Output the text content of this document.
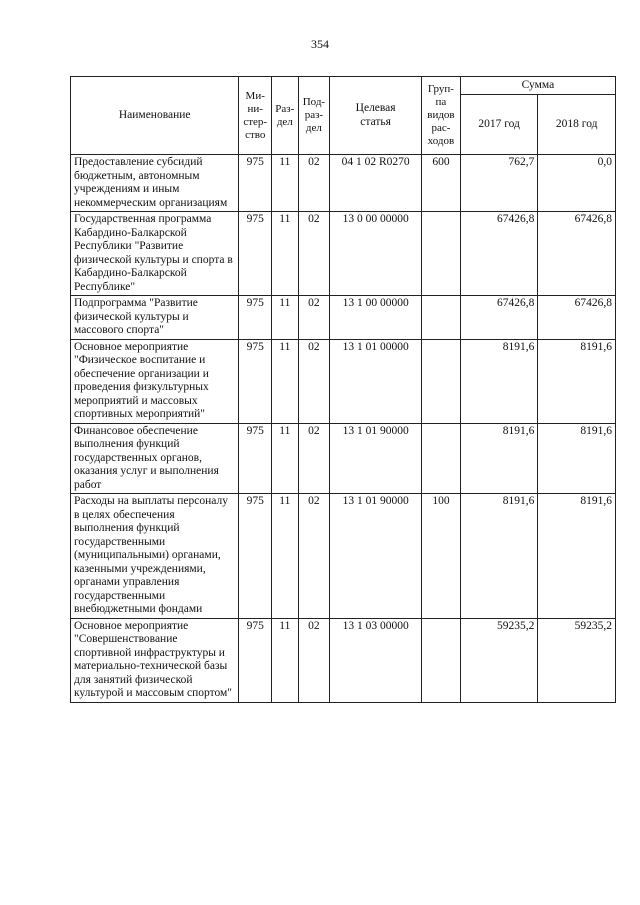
354
Наименование	Ми-
ни-
стер-
ство	Раз-
дел	Под-
раз-
дел	Целевая
статья	Груп-
па
видов
рас-
ходов	Сумма	
						2017 год	2018 год
Предоставление субсидий бюджетным, автономным учреждениям и иным некоммерческим организациям	975	11	02	04 1 02 R0270	600	762,7	0,0
Государственная программа Кабардино-Балкарской Республики "Развитие физической культуры и спорта в Кабардино-Балкарской Республике"	975	11	02	13 0 00 00000		67426,8	67426,8
Подпрограмма "Развитие физической культуры и массового спорта"	975	11	02	13 1 00 00000		67426,8	67426,8
Основное мероприятие "Физическое воспитание и обеспечение организации и проведения физкультурных мероприятий и массовых спортивных мероприятий"	975	11	02	13 1 01 00000		8191,6	8191,6
Финансовое обеспечение выполнения функций государственных органов, оказания услуг и выполнения работ	975	11	02	13 1 01 90000		8191,6	8191,6
Расходы на выплаты персоналу в целях обеспечения выполнения функций государственными (муниципальными) органами, казенными учреждениями, органами управления государственными внебюджетными фондами	975	11	02	13 1 01 90000	100	8191,6	8191,6
Основное мероприятие "Совершенствование спортивной инфраструктуры и материально-технической базы для занятий физической культурой и массовым спортом"	975	11	02	13 1 03 00000		59235,2	59235,2
